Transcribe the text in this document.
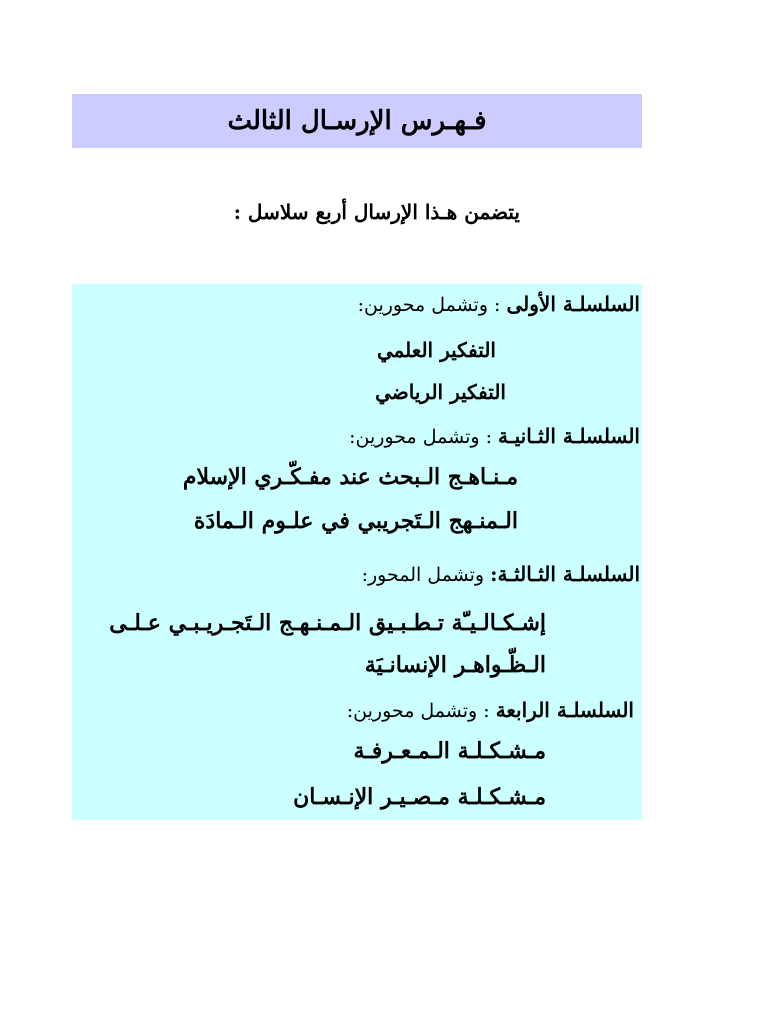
فـهـرس الإرسـال الثالث
يتضمن هـذا الإرسال أربع سلاسل :
السلسلـة الأولى : وتشمل محورين:
التفكير العلمي
التفكير الرياضي
السلسلـة الثـانيـة : وتشمل محورين:
مـنـاهـج الـبحث عند مفـكّـري الإسلام
الـمنـهج الـتَجريبي في علـوم الـمادَة
السلسلـة الثـالثـة: وتشمل المحور:
إشـكـالـيـّة تـطـبـيق الـمـنـهـج الـتَجـريـبـي عـلـى
الـظّـواهـر الإنسانـيَة
السلسلـة الرابعة : وتشمل محورين:
مـشـكـلـة الـمـعـرفـة
مـشـكـلـة مـصـيـر الإنـسـان
